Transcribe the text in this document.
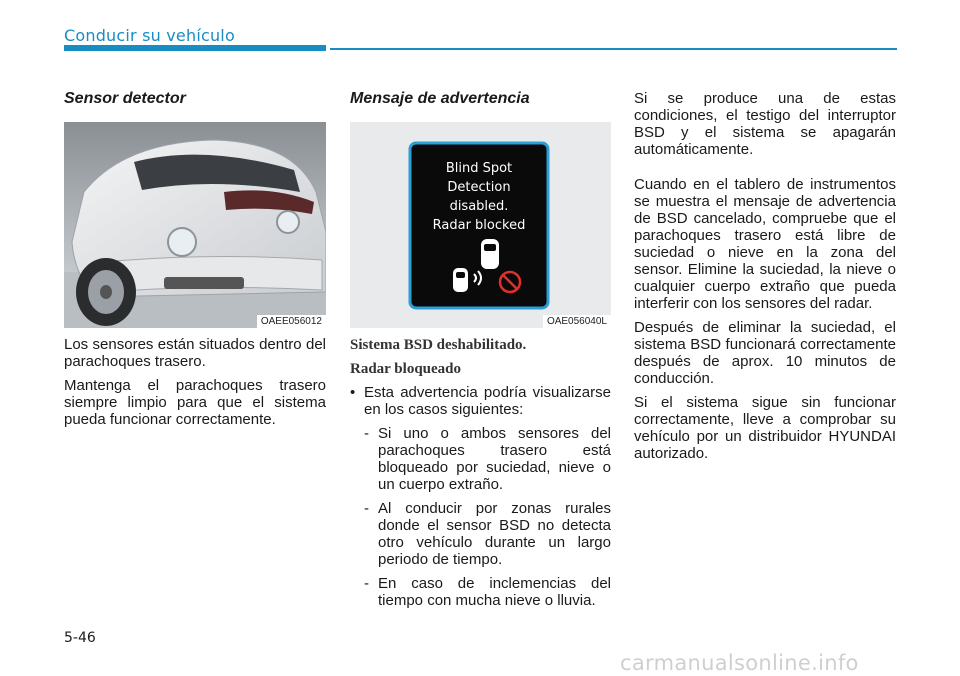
Conducir su vehículo
Sensor detector
OAEE056012

Los sensores están situados dentro del parachoques trasero.

Mantenga el parachoques trasero siempre limpio para que el sistema pueda funcionar correctamente.

Mensaje de advertencia
Blind Spot
Detection
disabled.
Radar blocked
OAE056040L
Sistema BSD deshabilitado.
Radar bloqueado
• Esta advertencia podría visualizarse en los casos siguientes:
- Si uno o ambos sensores del parachoques trasero está bloqueado por suciedad, nieve o un cuerpo extraño.
- Al conducir por zonas rurales donde el sensor BSD no detecta otro vehículo durante un largo periodo de tiempo.
- En caso de inclemencias del tiempo con mucha nieve o lluvia.

Si se produce una de estas condiciones, el testigo del interruptor BSD y el sistema se apagarán automáticamente.

Cuando en el tablero de instrumentos se muestra el mensaje de advertencia de BSD cancelado, compruebe que el parachoques trasero está libre de suciedad o nieve en la zona del sensor. Elimine la suciedad, la nieve o cualquier cuerpo extraño que pueda interferir con los sensores del radar.

Después de eliminar la suciedad, el sistema BSD funcionará correctamente después de aprox. 10 minutos de conducción.

Si el sistema sigue sin funcionar correctamente, lleve a comprobar su vehículo por un distribuidor HYUNDAI autorizado.

5-46
carmanualsonline.info
